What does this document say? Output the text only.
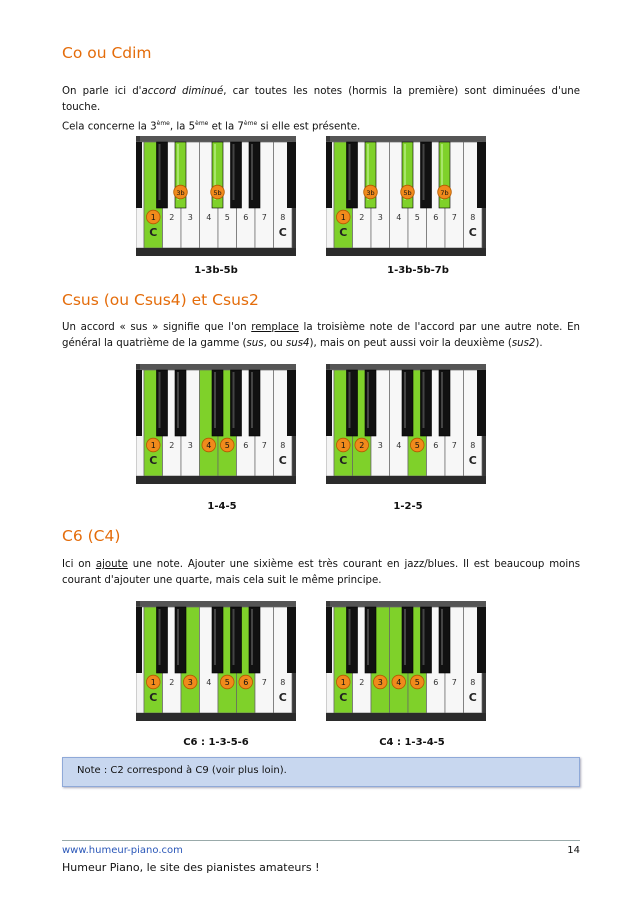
Co ou Cdim

On parle ici d'accord diminué, car toutes les notes (hormis la première) sont diminuées d'une touche.
Cela concerne la 3ème, la 5ème et la 7ème si elle est présente.

2 3 4 5 6 7 8
1
3b	5b
C	C
2 3 4 5 6 7 8
1
3b	5b	7b
C	C
1-3b-5b	1-3b-5b-7b
Csus (ou Csus4) et Csus2

Un accord « sus » signifie que l'on remplace la troisième note de l'accord par une autre note. En général la quatrième de la gamme (sus, ou sus4), mais on peut aussi voir la deuxième (sus2).

2 3	6 7 8
1	4 5
C	C
3 4	6 7 8
1 2	5
C	C
1-4-5	1-2-5
C6 (C4)

Ici on ajoute une note. Ajouter une sixième est très courant en jazz/blues. Il est beaucoup moins courant d'ajouter une quarte, mais cela suit le même principe.

2	4	7 8
1	3	5 6
C	C
2	6 7 8
1	3 4 5
C	C
C6 : 1-3-5-6	C4 : 1-3-4-5
Note : C2 correspond à C9 (voir plus loin).
www.humeur-piano.com	14
Humeur Piano, le site des pianistes amateurs !
